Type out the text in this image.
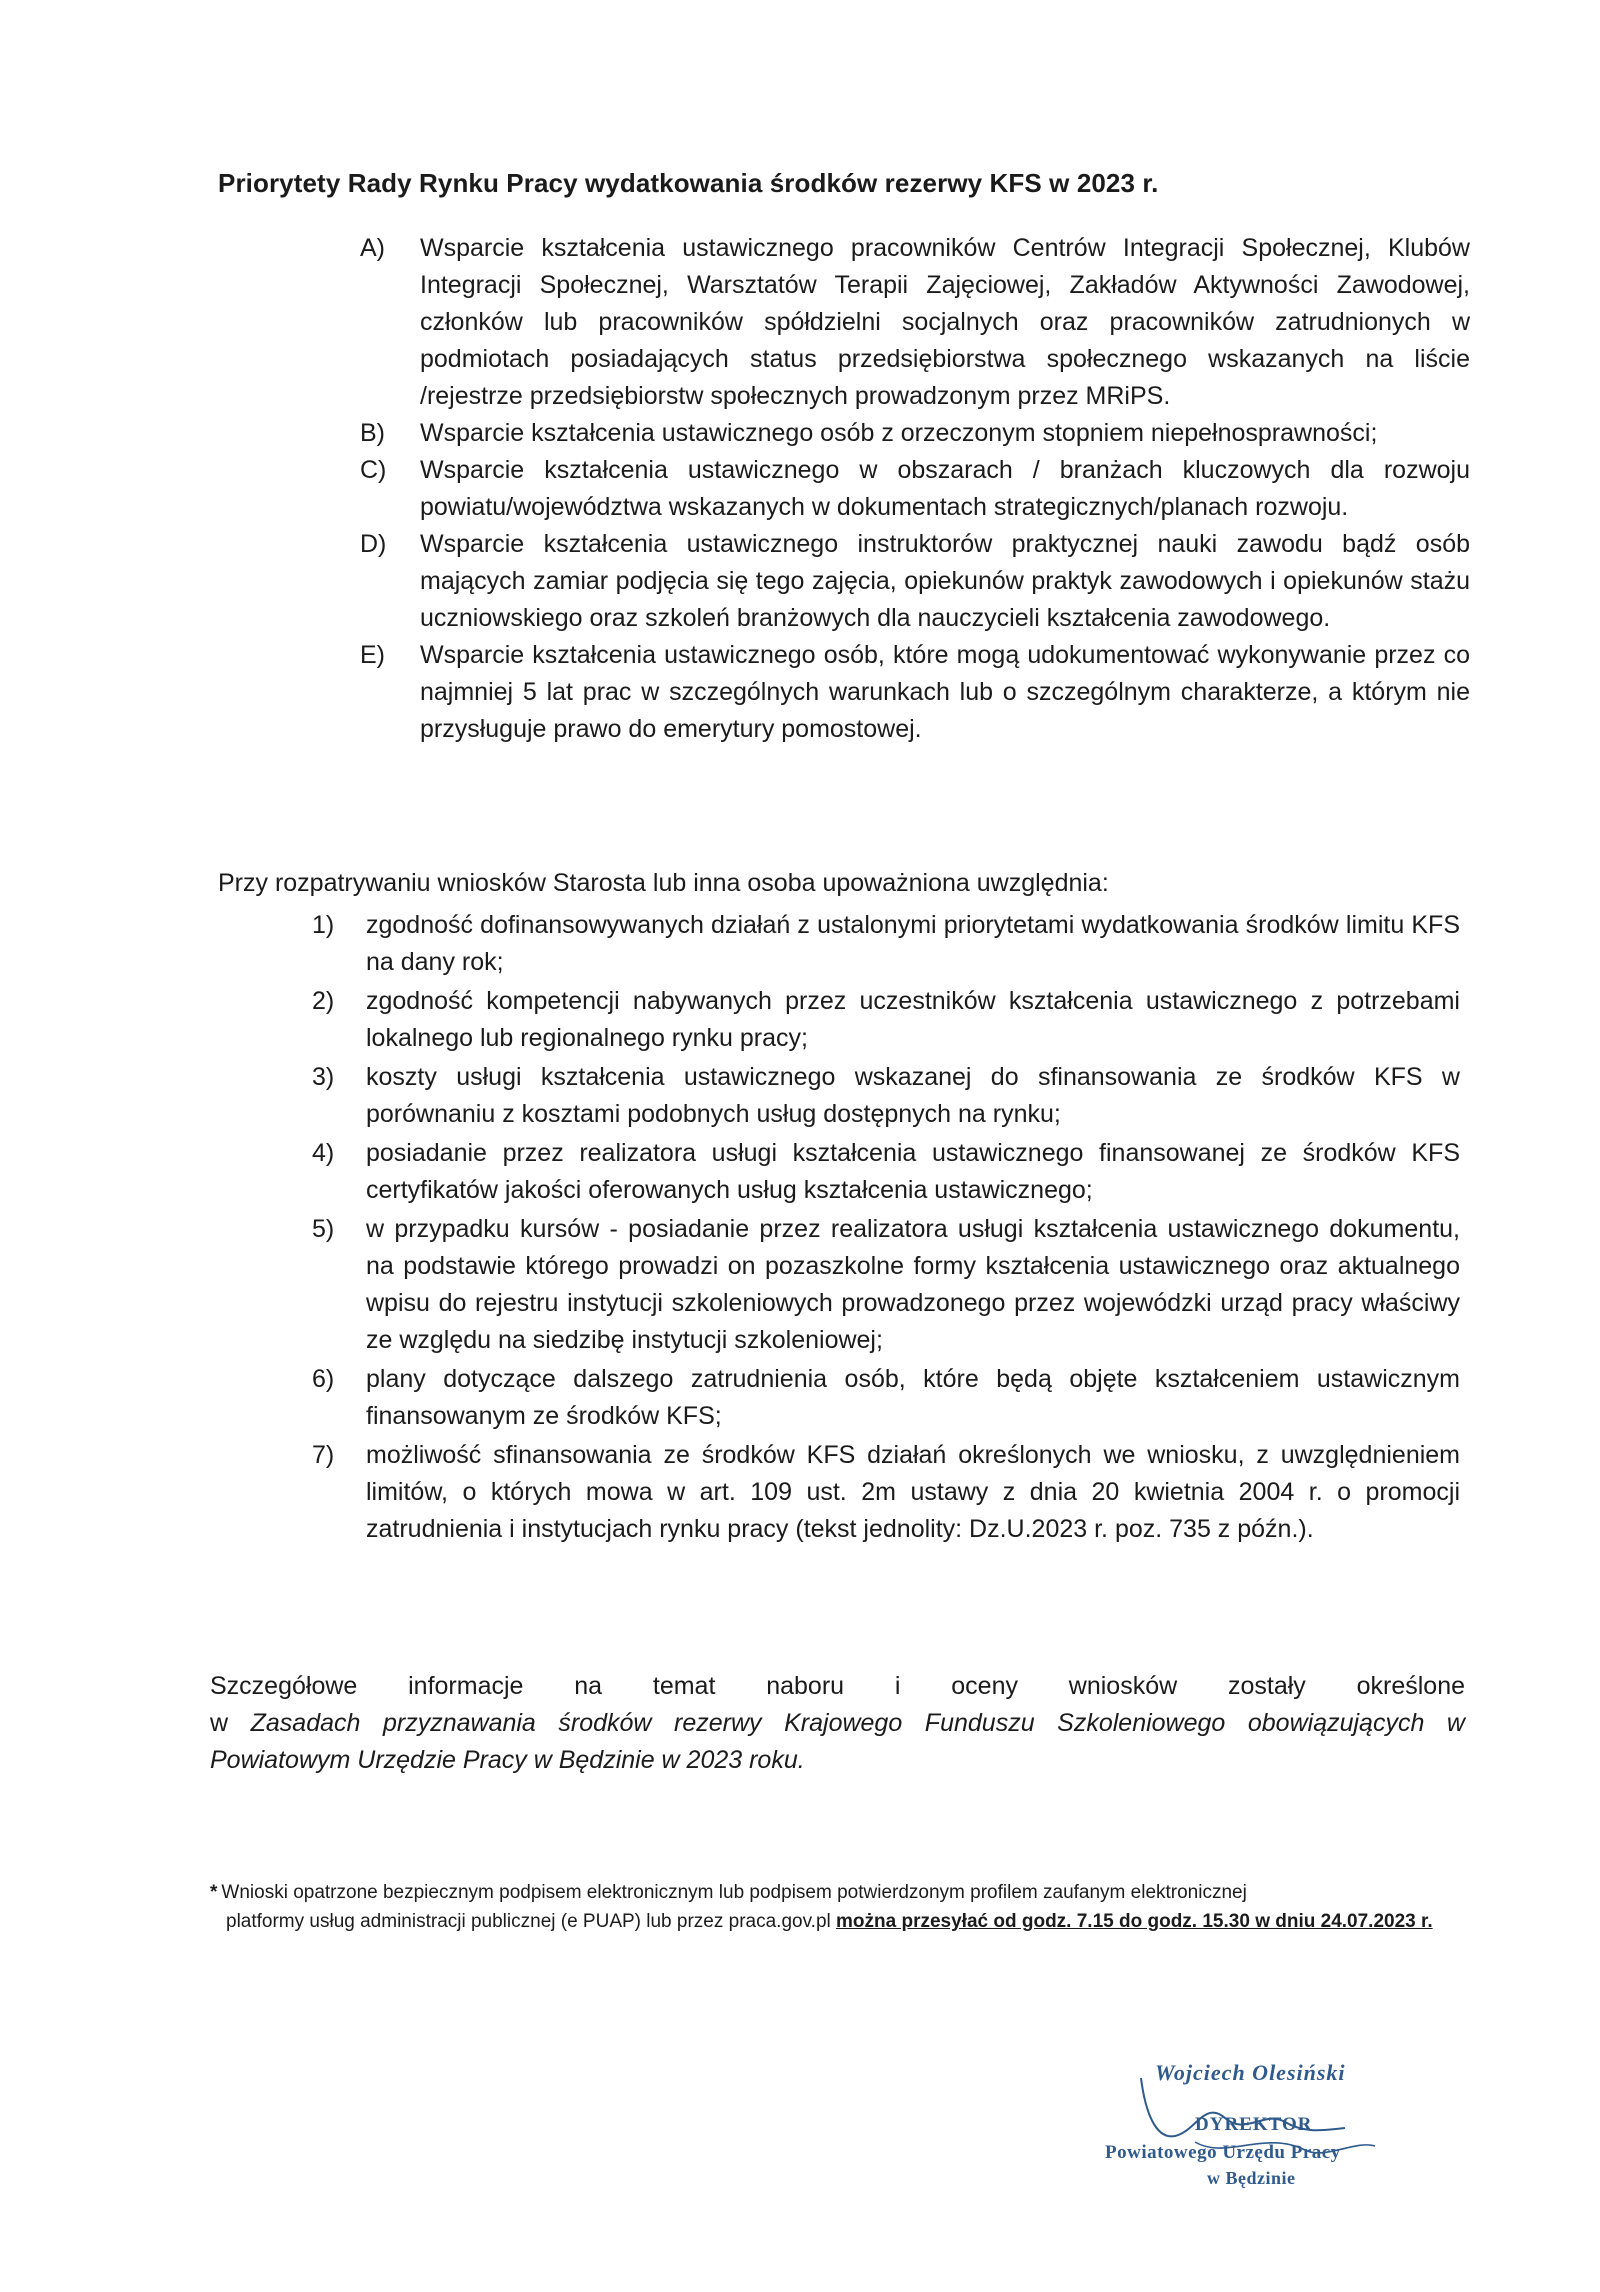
Priorytety Rady Rynku Pracy wydatkowania środków rezerwy KFS w 2023 r.
A) Wsparcie kształcenia ustawicznego pracowników Centrów Integracji Społecznej, Klubów Integracji Społecznej, Warsztatów Terapii Zajęciowej, Zakładów Aktywności Zawodowej, członków lub pracowników spółdzielni socjalnych oraz pracowników zatrudnionych w podmiotach posiadających status przedsiębiorstwa społecznego wskazanych na liście /rejestrze przedsiębiorstw społecznych prowadzonym przez MRiPS.
B) Wsparcie kształcenia ustawicznego osób z orzeczonym stopniem niepełnosprawności;
C) Wsparcie kształcenia ustawicznego w obszarach / branżach kluczowych dla rozwoju powiatu/województwa wskazanych w dokumentach strategicznych/planach rozwoju.
D) Wsparcie kształcenia ustawicznego instruktorów praktycznej nauki zawodu bądź osób mających zamiar podjęcia się tego zajęcia, opiekunów praktyk zawodowych i opiekunów stażu uczniowskiego oraz szkoleń branżowych dla nauczycieli kształcenia zawodowego.
E) Wsparcie kształcenia ustawicznego osób, które mogą udokumentować wykonywanie przez co najmniej 5 lat prac w szczególnych warunkach lub o szczególnym charakterze, a którym nie przysługuje prawo do emerytury pomostowej.
Przy rozpatrywaniu wniosków Starosta lub inna osoba upoważniona uwzględnia:
1) zgodność dofinansowywanych działań z ustalonymi priorytetami wydatkowania środków limitu KFS na dany rok;
2) zgodność kompetencji nabywanych przez uczestników kształcenia ustawicznego z potrzebami lokalnego lub regionalnego rynku pracy;
3) koszty usługi kształcenia ustawicznego wskazanej do sfinansowania ze środków KFS w porównaniu z kosztami podobnych usług dostępnych na rynku;
4) posiadanie przez realizatora usługi kształcenia ustawicznego finansowanej ze środków KFS certyfikatów jakości oferowanych usług kształcenia ustawicznego;
5) w przypadku kursów - posiadanie przez realizatora usługi kształcenia ustawicznego dokumentu, na podstawie którego prowadzi on pozaszkolne formy kształcenia ustawicznego oraz aktualnego wpisu do rejestru instytucji szkoleniowych prowadzonego przez wojewódzki urząd pracy właściwy ze względu na siedzibę instytucji szkoleniowej;
6) plany dotyczące dalszego zatrudnienia osób, które będą objęte kształceniem ustawicznym finansowanym ze środków KFS;
7) możliwość sfinansowania ze środków KFS działań określonych we wniosku, z uwzględnieniem limitów, o których mowa w art. 109 ust. 2m ustawy z dnia 20 kwietnia 2004 r. o promocji zatrudnienia i instytucjach rynku pracy (tekst jednolity: Dz.U.2023 r. poz. 735 z późn.).
Szczegółowe informacje na temat naboru i oceny wniosków zostały określone
w Zasadach przyznawania środków rezerwy Krajowego Funduszu Szkoleniowego obowiązujących w Powiatowym Urzędzie Pracy w Będzinie w 2023 roku.
* Wnioski opatrzone bezpiecznym podpisem elektronicznym lub podpisem potwierdzonym profilem zaufanym elektronicznej
platformy usług administracji publicznej (e PUAP) lub przez praca.gov.pl można przesyłać od godz. 7.15 do godz. 15.30 w dniu 24.07.2023 r.
Wojciech Olesiński
DYREKTOR
Powiatowego Urzędu Pracy
w Będzinie
